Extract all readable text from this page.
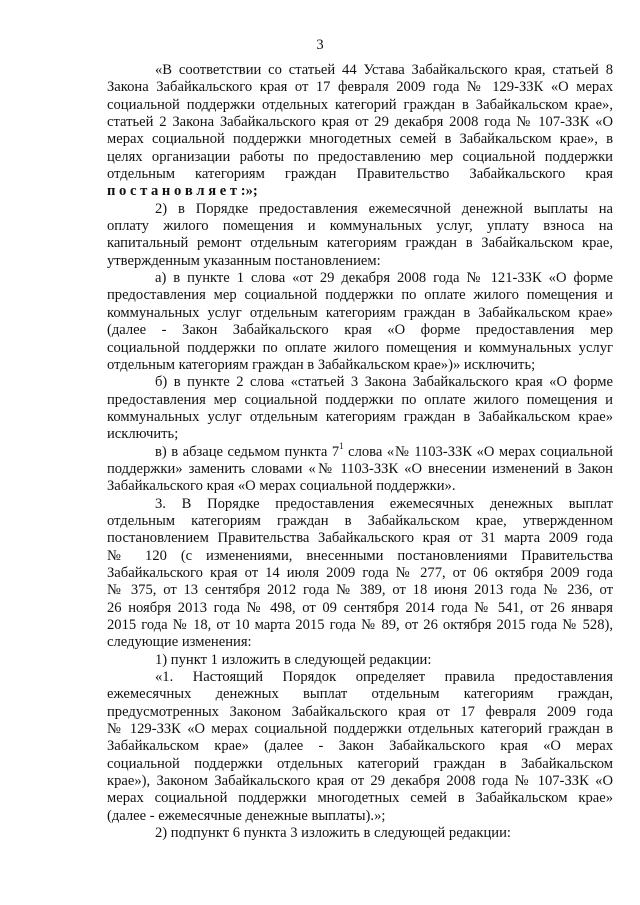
3
«В соответствии со статьей 44 Устава Забайкальского края, статьей 8
Закона Забайкальского края от 17 февраля 2009 года № 129-ЗЗК «О мерах
социальной поддержки отдельных категорий граждан в Забайкальском крае»,
статьей 2 Закона Забайкальского края от 29 декабря 2008 года № 107-ЗЗК «О
мерах социальной поддержки многодетных семей в Забайкальском крае», в
целях организации работы по предоставлению мер социальной поддержки
отдельным категориям граждан Правительство Забайкальского края
п о с т а н о в л я е т :»;
2) в Порядке предоставления ежемесячной денежной выплаты на
оплату жилого помещения и коммунальных услуг, уплату взноса на
капитальный ремонт отдельным категориям граждан в Забайкальском крае,
утвержденным указанным постановлением:
а) в пункте 1 слова «от 29 декабря 2008 года № 121-ЗЗК «О форме
предоставления мер социальной поддержки по оплате жилого помещения и
коммунальных услуг отдельным категориям граждан в Забайкальском крае»
(далее - Закон Забайкальского края «О форме предоставления мер
социальной поддержки по оплате жилого помещения и коммунальных услуг
отдельным категориям граждан в Забайкальском крае»)» исключить;
б) в пункте 2 слова «статьей 3 Закона Забайкальского края «О форме
предоставления мер социальной поддержки по оплате жилого помещения и
коммунальных услуг отдельным категориям граждан в Забайкальском крае»
исключить;
в) в абзаце седьмом пункта $7^1$ слова «№ 1103-ЗЗК «О мерах социальной
поддержки» заменить словами «№ 1103-ЗЗК «О внесении изменений в Закон
Забайкальского края «О мерах социальной поддержки».
3. В Порядке предоставления ежемесячных денежных выплат
отдельным категориям граждан в Забайкальском крае, утвержденном
постановлением Правительства Забайкальского края от 31 марта 2009 года
№ 120 (с изменениями, внесенными постановлениями Правительства
Забайкальского края от 14 июля 2009 года № 277, от 06 октября 2009 года
№ 375, от 13 сентября 2012 года № 389, от 18 июня 2013 года № 236, от
26 ноября 2013 года № 498, от 09 сентября 2014 года № 541, от 26 января
2015 года № 18, от 10 марта 2015 года № 89, от 26 октября 2015 года № 528),
следующие изменения:
1) пункт 1 изложить в следующей редакции:
«1. Настоящий Порядок определяет правила предоставления
ежемесячных денежных выплат отдельным категориям граждан,
предусмотренных Законом Забайкальского края от 17 февраля 2009 года
№ 129-ЗЗК «О мерах социальной поддержки отдельных категорий граждан в
Забайкальском крае» (далее - Закон Забайкальского края «О мерах
социальной поддержки отдельных категорий граждан в Забайкальском
крае»), Законом Забайкальского края от 29 декабря 2008 года № 107-ЗЗК «О
мерах социальной поддержки многодетных семей в Забайкальском крае»
(далее - ежемесячные денежные выплаты).»;
2) подпункт 6 пункта 3 изложить в следующей редакции:
